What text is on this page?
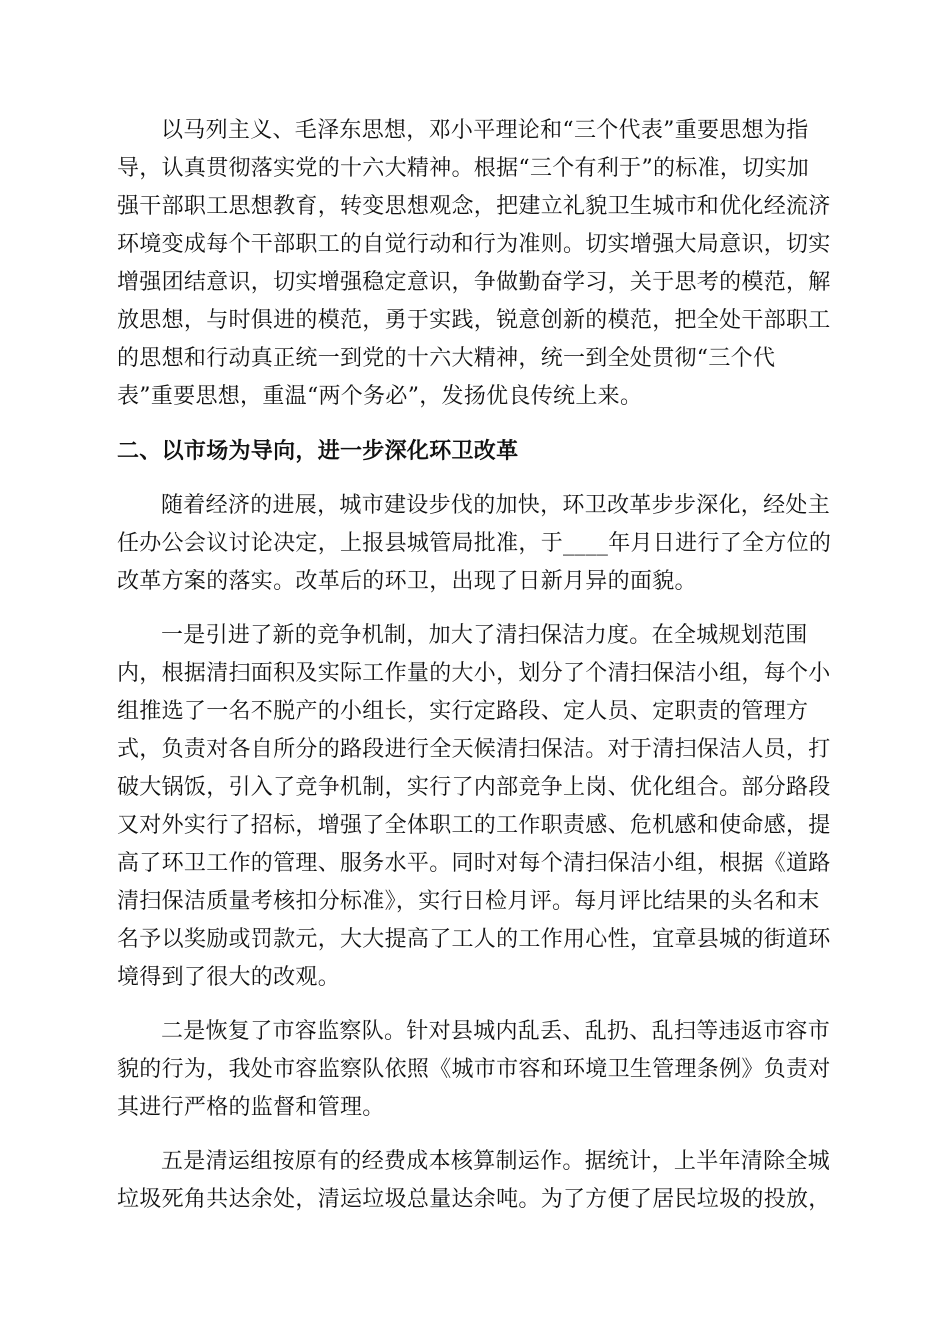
以马列主义、毛泽东思想，邓小平理论和“三个代表”重要思想为指
导，认真贯彻落实党的十六大精神。根据“三个有利于”的标准，切实加
强干部职工思想教育，转变思想观念，把建立礼貌卫生城市和优化经流济
环境变成每个干部职工的自觉行动和行为准则。切实增强大局意识，切实
增强团结意识，切实增强稳定意识，争做勤奋学习，关于思考的模范，解
放思想，与时俱进的模范，勇于实践，锐意创新的模范，把全处干部职工
的思想和行动真正统一到党的十六大精神，统一到全处贯彻“三个代
表”重要思想，重温“两个务必”，发扬优良传统上来。
二、以市场为导向，进一步深化环卫改革
随着经济的进展，城市建设步伐的加快，环卫改革步步深化，经处主
任办公会议讨论决定，上报县城管局批准，于____年月日进行了全方位的
改革方案的落实。改革后的环卫，出现了日新月异的面貌。
一是引进了新的竞争机制，加大了清扫保洁力度。在全城规划范围
内，根据清扫面积及实际工作量的大小，划分了个清扫保洁小组，每个小
组推选了一名不脱产的小组长，实行定路段、定人员、定职责的管理方
式，负责对各自所分的路段进行全天候清扫保洁。对于清扫保洁人员，打
破大锅饭，引入了竞争机制，实行了内部竞争上岗、优化组合。部分路段
又对外实行了招标，增强了全体职工的工作职责感、危机感和使命感，提
高了环卫工作的管理、服务水平。同时对每个清扫保洁小组，根据《道路
清扫保洁质量考核扣分标准》，实行日检月评。每月评比结果的头名和末
名予以奖励或罚款元，大大提高了工人的工作用心性，宜章县城的街道环
境得到了很大的改观。
二是恢复了市容监察队。针对县城内乱丢、乱扔、乱扫等违返市容市
貌的行为，我处市容监察队依照《城市市容和环境卫生管理条例》负责对
其进行严格的监督和管理。
五是清运组按原有的经费成本核算制运作。据统计，上半年清除全城
垃圾死角共达余处，清运垃圾总量达余吨。为了方便了居民垃圾的投放，
